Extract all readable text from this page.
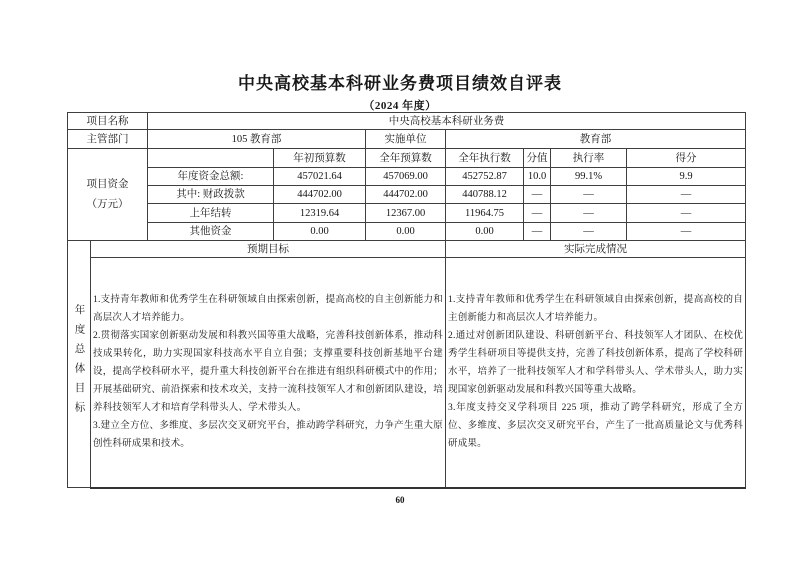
中央高校基本科研业务费项目绩效自评表
（2024 年度）
项目名称		中央高校基本科研业务费						
主管部门		105 教育部		实施单位	教育部			

项目资金
（万元）			年初预算数	全年预算数	全年执行数	分值	执行率	得分
		年度资金总额:	457021.64	457069.00	452752.87	10.0	99.1%	9.9
		其中: 财政拨款	444702.00	444702.00	440788.12	—	—	—
		上年结转	12319.64	12367.00	11964.75	—	—	—
		其他资金	0.00	0.00	0.00	—	—	—
年度总体目标	预期目标				实际完成情况			

1.支持青年教师和优秀学生在科研领域自由探索创新，提高高校的自主创新能力和高层次人才培养能力。

2.贯彻落实国家创新驱动发展和科教兴国等重大战略，完善科技创新体系，推动科技成果转化，助力实现国家科技高水平自立自强；支撑重要科技创新基地平台建设，提高学校科研水平，提升重大科技创新平台在推进有组织科研模式中的作用；开展基础研究、前沿探索和技术攻关，支持一流科技领军人才和创新团队建设，培养科技领军人才和培育学科带头人、学术带头人。

3.建立全方位、多维度、多层次交叉研究平台，推动跨学科研究，力争产生重大原创性科研成果和技术。

1.支持青年教师和优秀学生在科研领域自由探索创新，提高高校的自主创新能力和高层次人才培养能力。

2.通过对创新团队建设、科研创新平台、科技领军人才团队、在校优秀学生科研项目等提供支持，完善了科技创新体系，提高了学校科研水平，培养了一批科技领军人才和学科带头人、学术带头人，助力实现国家创新驱动发展和科教兴国等重大战略。

3.年度支持交叉学科项目 225 项，推动了跨学科研究，形成了全方位、多维度、多层次交叉研究平台，产生了一批高质量论文与优秀科研成果。

60
